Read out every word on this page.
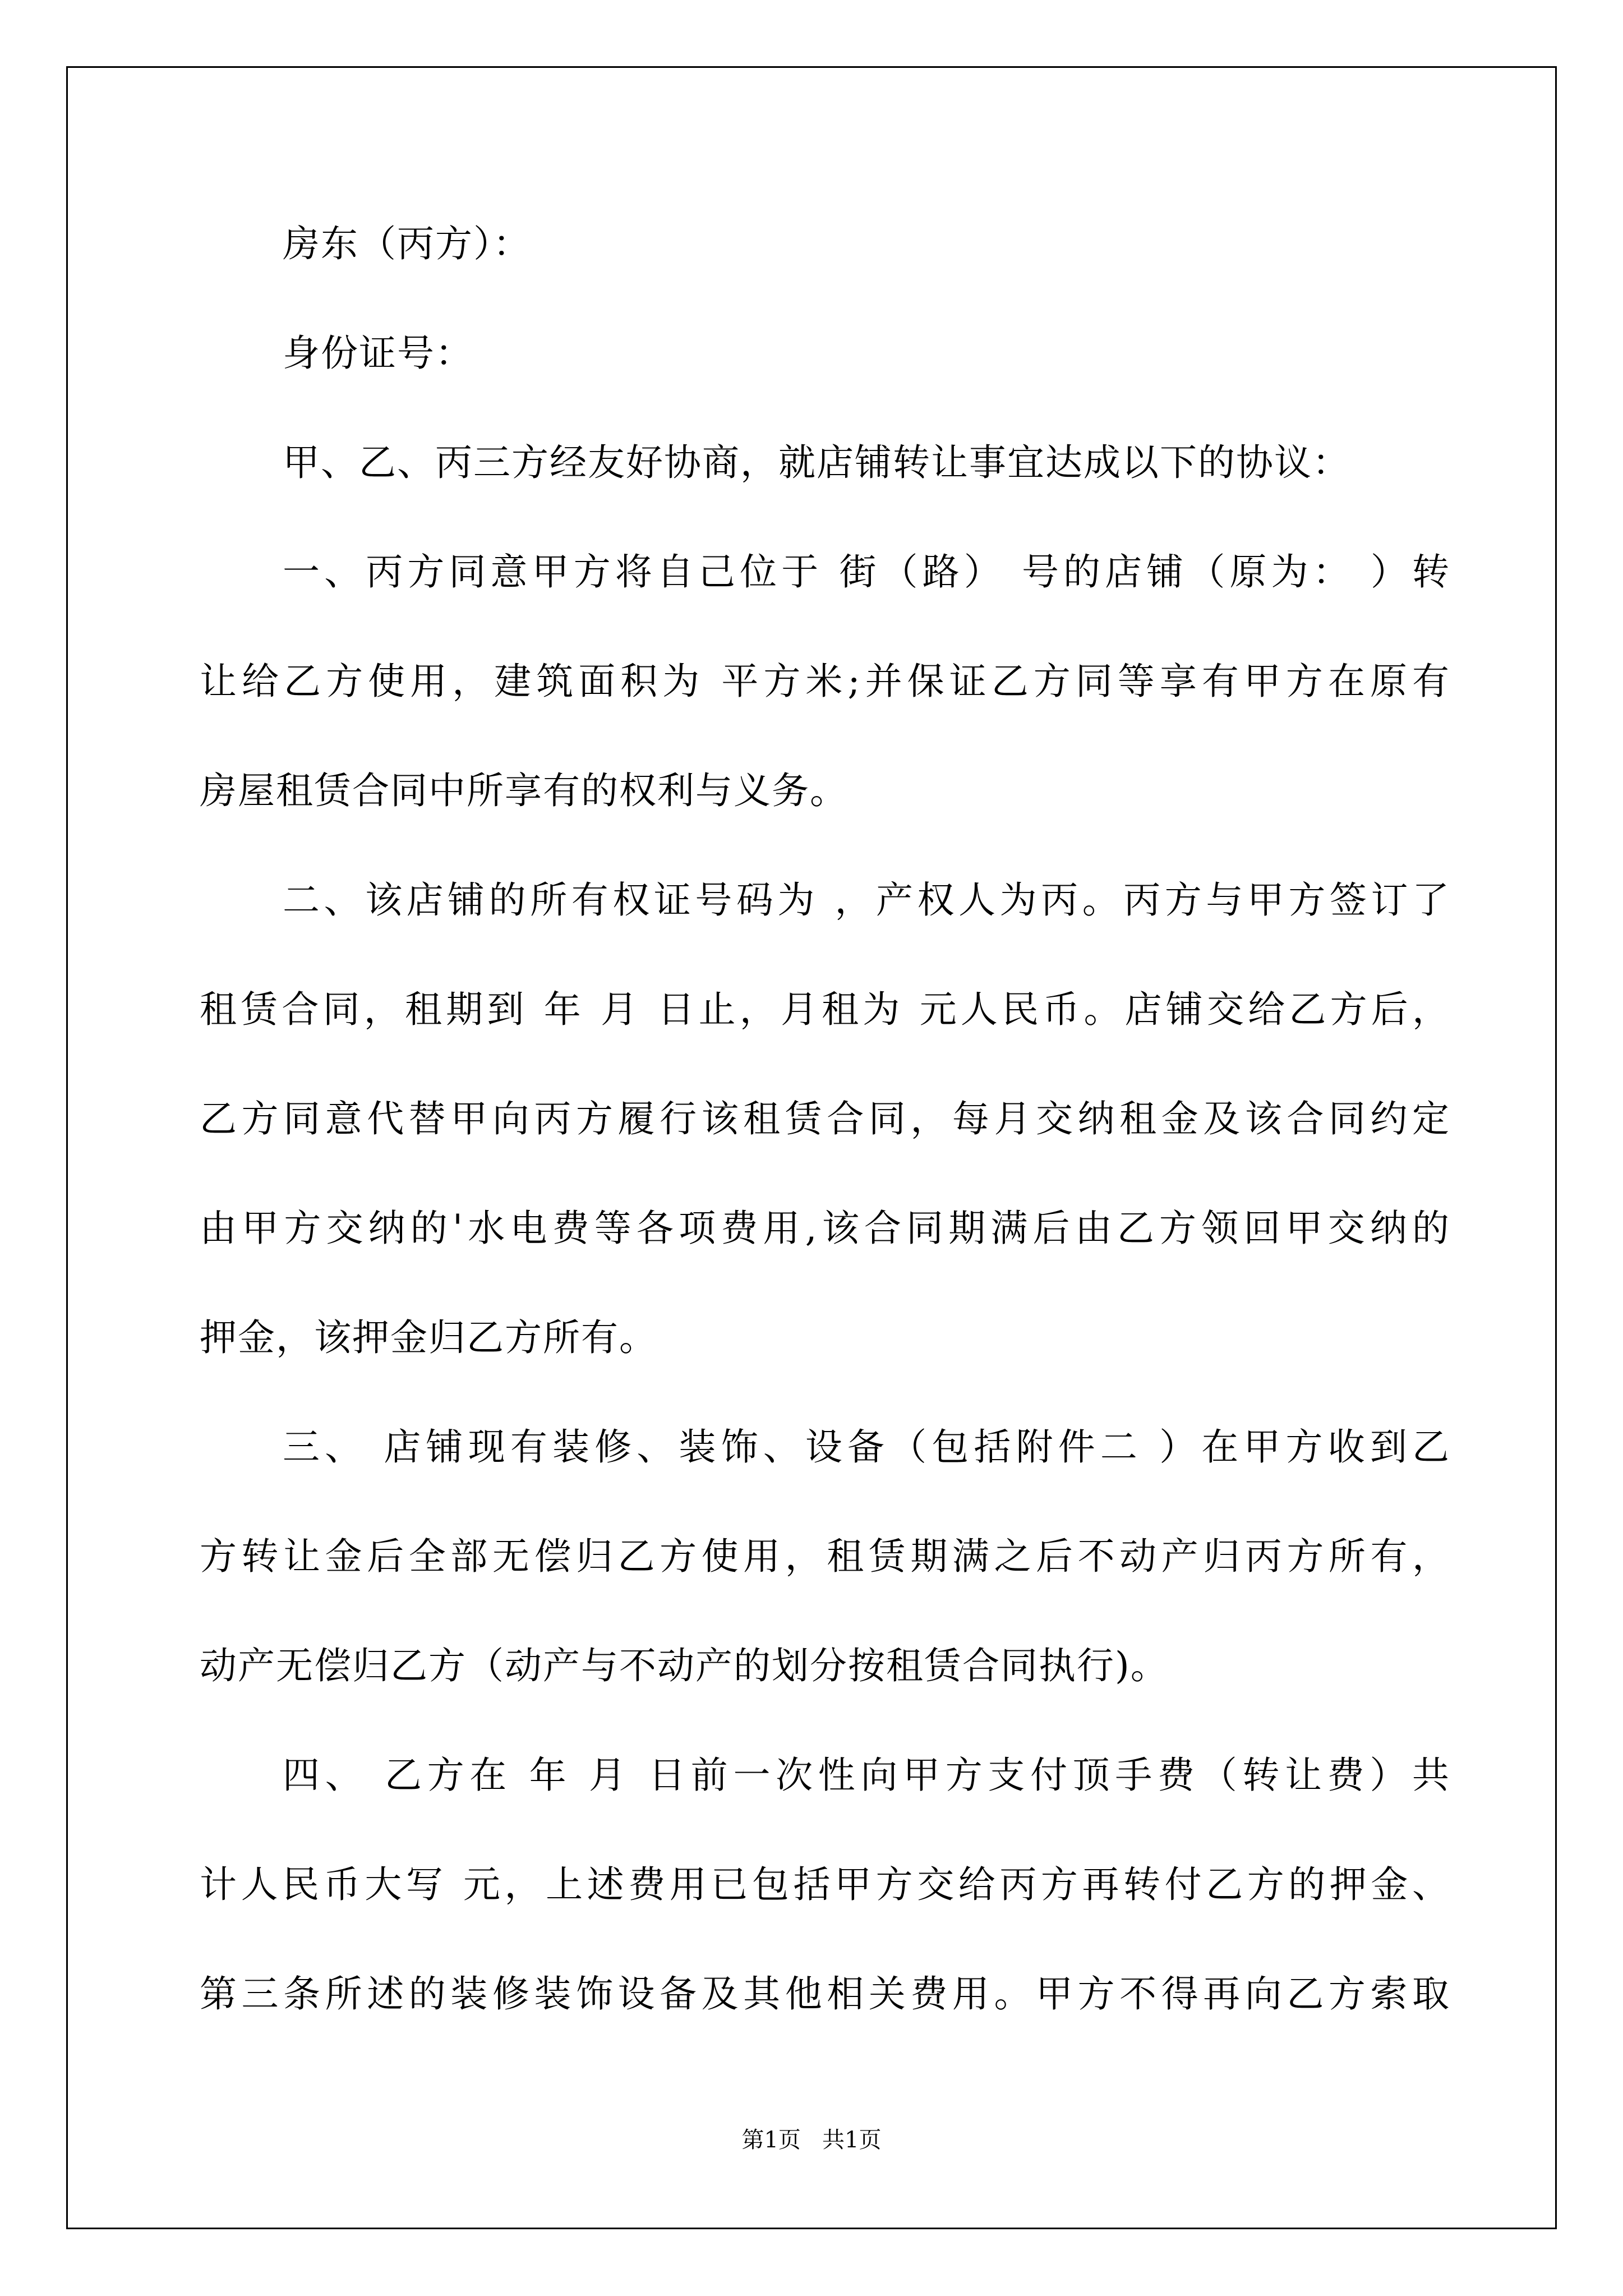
房东（丙方）：
身份证号：
甲、乙、丙三方经友好协商，就店铺转让事宜达成以下的协议：
一、丙方同意甲方将自己位于 街（路） 号的店铺（原为： ）转
让给乙方使用，建筑面积为 平方米;并保证乙方同等享有甲方在原有
房屋租赁合同中所享有的权利与义务。
二、该店铺的所有权证号码为 ，产权人为丙。丙方与甲方签订了
租赁合同，租期到 年 月 日止，月租为 元人民币。店铺交给乙方后，
乙方同意代替甲向丙方履行该租赁合同，每月交纳租金及该合同约定
由甲方交纳的'水电费等各项费用,该合同期满后由乙方领回甲交纳的
押金，该押金归乙方所有。
三、 店铺现有装修、装饰、设备（包括附件二 ）在甲方收到乙
方转让金后全部无偿归乙方使用，租赁期满之后不动产归丙方所有，
动产无偿归乙方（动产与不动产的划分按租赁合同执行)。
四、 乙方在 年 月 日前一次性向甲方支付顶手费（转让费）共
计人民币大写 元，上述费用已包括甲方交给丙方再转付乙方的押金、
第三条所述的装修装饰设备及其他相关费用。甲方不得再向乙方索取
第1页   共1页
